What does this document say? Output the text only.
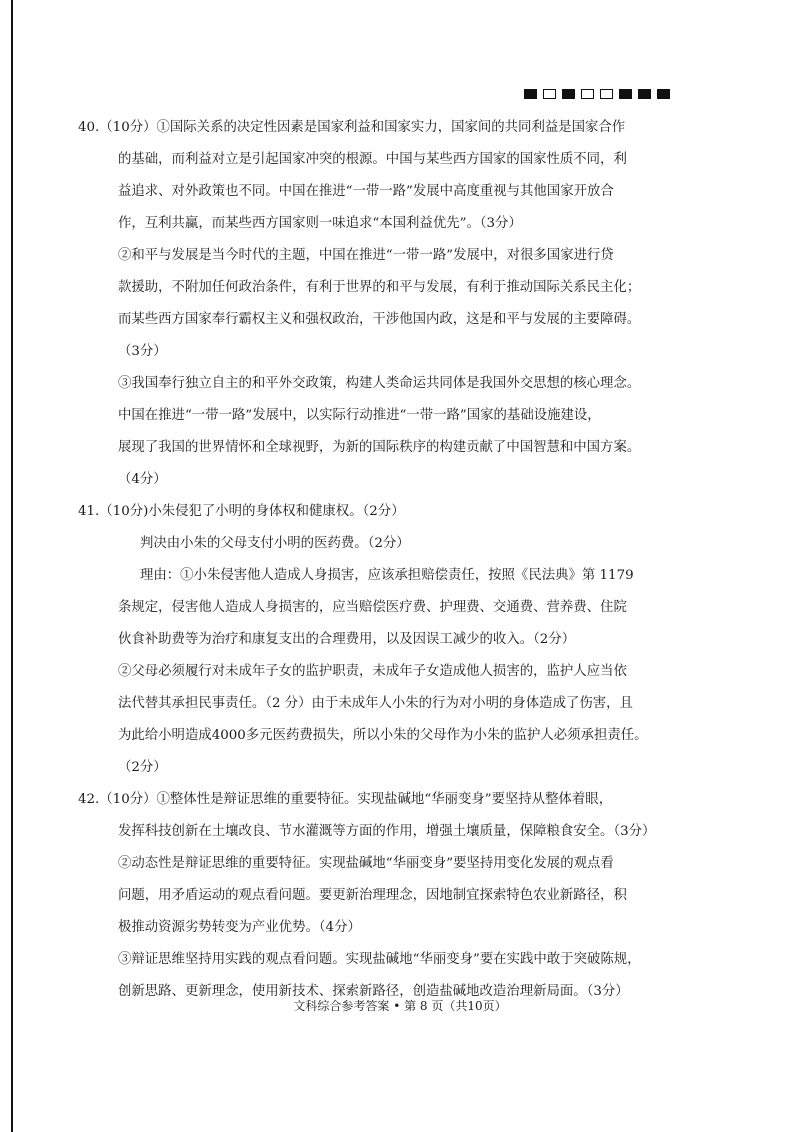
40.（10分）①国际关系的决定性因素是国家利益和国家实力，国家间的共同利益是国家合作
的基础，而利益对立是引起国家冲突的根源。中国与某些西方国家的国家性质不同，利
益追求、对外政策也不同。中国在推进“一带一路”发展中高度重视与其他国家开放合
作，互利共赢，而某些西方国家则一味追求“本国利益优先”。（3分）
②和平与发展是当今时代的主题，中国在推进“一带一路”发展中，对很多国家进行贷
款援助，不附加任何政治条件，有利于世界的和平与发展，有利于推动国际关系民主化；
而某些西方国家奉行霸权主义和强权政治，干涉他国内政，这是和平与发展的主要障碍。
（3分）
③我国奉行独立自主的和平外交政策，构建人类命运共同体是我国外交思想的核心理念。
中国在推进“一带一路”发展中，以实际行动推进“一带一路”国家的基础设施建设，
展现了我国的世界情怀和全球视野，为新的国际秩序的构建贡献了中国智慧和中国方案。
（4分）
41.（10分)小朱侵犯了小明的身体权和健康权。（2分）
判决由小朱的父母支付小明的医药费。（2分）
理由：①小朱侵害他人造成人身损害，应该承担赔偿责任，按照《民法典》第 1179
条规定，侵害他人造成人身损害的，应当赔偿医疗费、护理费、交通费、营养费、住院
伙食补助费等为治疗和康复支出的合理费用，以及因误工减少的收入。（2分）
②父母必须履行对未成年子女的监护职责，未成年子女造成他人损害的，监护人应当依
法代替其承担民事责任。（2 分）由于未成年人小朱的行为对小明的身体造成了伤害，且
为此给小明造成4000多元医药费损失，所以小朱的父母作为小朱的监护人必须承担责任。
（2分）
42.（10分）①整体性是辩证思维的重要特征。实现盐碱地“华丽变身”要坚持从整体着眼，
发挥科技创新在土壤改良、节水灌溉等方面的作用，增强土壤质量，保障粮食安全。（3分）
②动态性是辩证思维的重要特征。实现盐碱地“华丽变身”要坚持用变化发展的观点看
问题，用矛盾运动的观点看问题。要更新治理理念，因地制宜探索特色农业新路径，积
极推动资源劣势转变为产业优势。（4分）
③辩证思维坚持用实践的观点看问题。实现盐碱地“华丽变身”要在实践中敢于突破陈规，
创新思路、更新理念，使用新技术、探索新路径，创造盐碱地改造治理新局面。（3分）
文科综合参考答案 • 第 8 页（共10页）
